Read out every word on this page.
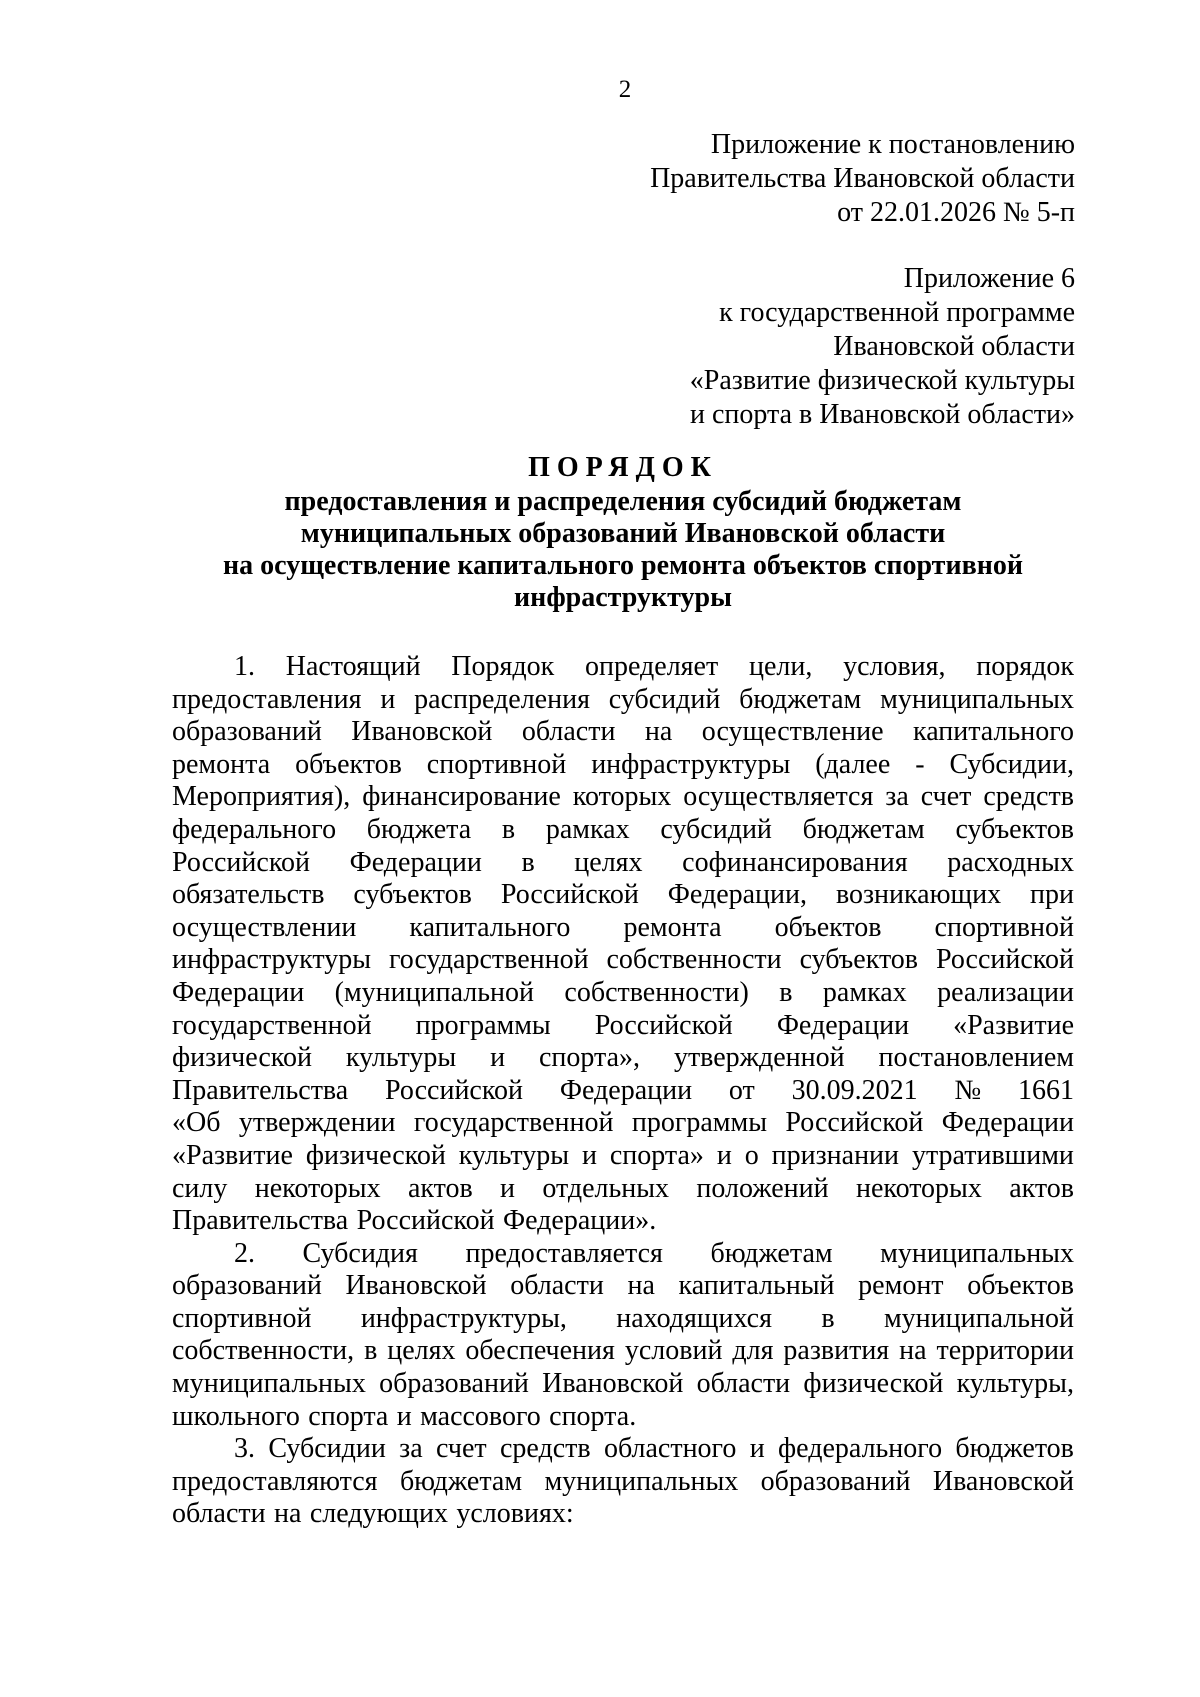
2
Приложение к постановлению
Правительства Ивановской области
от 22.01.2026 № 5-п
Приложение 6
к государственной программе
Ивановской области
«Развитие физической культуры
и спорта в Ивановской области»
ПОРЯДОК
предоставления и распределения субсидий бюджетам
муниципальных образований Ивановской области
на осуществление капитального ремонта объектов спортивной
инфраструктуры
1. Настоящий Порядок определяет цели, условия, порядок
предоставления и распределения субсидий бюджетам муниципальных
образований Ивановской области на осуществление капитального
ремонта объектов спортивной инфраструктуры (далее - Субсидии,
Мероприятия), финансирование которых осуществляется за счет средств
федерального бюджета в рамках субсидий бюджетам субъектов
Российской Федерации в целях софинансирования расходных
обязательств субъектов Российской Федерации, возникающих при
осуществлении капитального ремонта объектов спортивной
инфраструктуры государственной собственности субъектов Российской
Федерации (муниципальной собственности) в рамках реализации
государственной программы Российской Федерации «Развитие
физической культуры и спорта», утвержденной постановлением
Правительства Российской Федерации от 30.09.2021 № 1661
«Об утверждении государственной программы Российской Федерации
«Развитие физической культуры и спорта» и о признании утратившими
силу некоторых актов и отдельных положений некоторых актов
Правительства Российской Федерации».
2. Субсидия предоставляется бюджетам муниципальных
образований Ивановской области на капитальный ремонт объектов
спортивной инфраструктуры, находящихся в муниципальной
собственности, в целях обеспечения условий для развития на территории
муниципальных образований Ивановской области физической культуры,
школьного спорта и массового спорта.
3. Субсидии за счет средств областного и федерального бюджетов
предоставляются бюджетам муниципальных образований Ивановской
области на следующих условиях:
